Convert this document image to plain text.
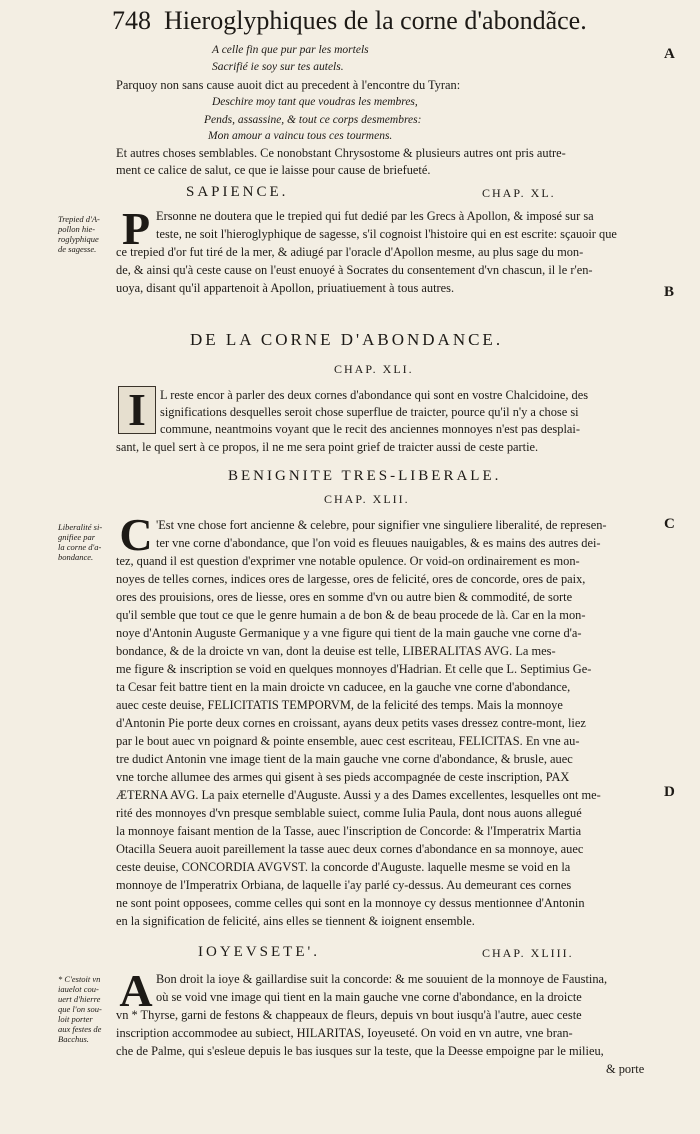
748 Hieroglyphiques de la corne d'abondãce.
A
B
C
D
A celle fin que pur par les mortels
Sacrifié ie soy sur tes autels.
Parquoy non sans cause auoit dict au precedent à l'encontre du Tyran:
Deschire moy tant que voudras les membres,
Pends, assassine, & tout ce corps desmembres:
Mon amour a vaincu tous ces tourmens.
Et autres choses semblables. Ce nonobstant Chrysostome & plusieurs autres ont pris autre-
ment ce calice de salut, ce que ie laisse pour cause de briefueté.
SAPIENCE.	CHAP. XL.
Trepied d'A-
pollon hie-
roglyphique
de sagesse. P Ersonne ne doutera que le trepied qui fut dedié par les Grecs à Apollon, & imposé sur sa
teste, ne soit l'hieroglyphique de sagesse, s'il cognoist l'histoire qui en est escrite: sçauoir que
ce trepied d'or fut tiré de la mer, & adiugé par l'oracle d'Apollon mesme, au plus sage du mon-
de, & ainsi qu'à ceste cause on l'eust enuoyé à Socrates du consentement d'vn chascun, il le r'en-
uoya, disant qu'il appartenoit à Apollon, priuatiuement à tous autres.
DE LA CORNE D'ABONDANCE.
CHAP. XLI.
I	L reste encor à parler des deux cornes d'abondance qui sont en vostre Chalcidoine, des
significations desquelles seroit chose superflue de traicter, pource qu'il n'y a chose si
commune, neantmoins voyant que le recit des anciennes monnoyes n'est pas desplai-
sant, le quel sert à ce propos, il ne me sera point grief de traicter aussi de ceste partie.
BENIGNITE TRES-LIBERALE.
CHAP. XLII.
Liberalité si-
gnifiee par
la corne d'a-
bondance. C 'Est vne chose fort ancienne & celebre, pour signifier vne singuliere liberalité, de represen-
ter vne corne d'abondance, que l'on void es fleuues nauigables, & es mains des autres dei-
tez, quand il est question d'exprimer vne notable opulence. Or void-on ordinairement es mon-
noyes de telles cornes, indices ores de largesse, ores de felicité, ores de concorde, ores de paix,
ores des prouisions, ores de liesse, ores en somme d'vn ou autre bien & commodité, de sorte
qu'il semble que tout ce que le genre humain a de bon & de beau procede de là. Car en la mon-
noye d'Antonin Auguste Germanique y a vne figure qui tient de la main gauche vne corne d'a-
bondance, & de la droicte vn van, dont la deuise est telle, LIBERALITAS AVG. La mes-
me figure & inscription se void en quelques monnoyes d'Hadrian. Et celle que L. Septimius Ge-
ta Cesar feit battre tient en la main droicte vn caducee, en la gauche vne corne d'abondance,
auec ceste deuise, FELICITATIS TEMPORVM, de la felicité des temps. Mais la monnoye
d'Antonin Pie porte deux cornes en croissant, ayans deux petits vases dressez contre-mont, liez
par le bout auec vn poignard & pointe ensemble, auec cest escriteau, FELICITAS. En vne au-
tre dudict Antonin vne image tient de la main gauche vne corne d'abondance, & brusle, auec
vne torche allumee des armes qui gisent à ses pieds accompagnée de ceste inscription, PAX
ÆTERNA AVG. La paix eternelle d'Auguste. Aussi y a des Dames excellentes, lesquelles ont me-
rité des monnoyes d'vn presque semblable suiect, comme Iulia Paula, dont nous auons allegué
la monnoye faisant mention de la Tasse, auec l'inscription de Concorde: & l'Imperatrix Martia
Otacilla Seuera auoit pareillement la tasse auec deux cornes d'abondance en sa monnoye, auec
ceste deuise, CONCORDIA AVGVST. la concorde d'Auguste. laquelle mesme se void en la
monnoye de l'Imperatrix Orbiana, de laquelle i'ay parlé cy-dessus. Au demeurant ces cornes
ne sont point opposees, comme celles qui sont en la monnoye cy dessus mentionnee d'Antonin
en la signification de felicité, ains elles se tiennent & ioignent ensemble.
IOYEVSETE'.	CHAP. XLIII.
* C'estoit vn
iauelot cou-
uert d'hierre
que l'on sou-
loit porter
aux festes de
Bacchus.
A Bon droit la ioye & gaillardise suit la concorde: & me souuient de la monnoye de Faustina,
où se void vne image qui tient en la main gauche vne corne d'abondance, en la droicte
vn * Thyrse, garni de festons & chappeaux de fleurs, depuis vn bout iusqu'à l'autre, auec ceste
inscription accommodee au subiect, HILARITAS, Ioyeuseté. On void en vn autre, vne bran-
che de Palme, qui s'esleue depuis le bas iusques sur la teste, que la Deesse empoigne par le milieu,
& porte
